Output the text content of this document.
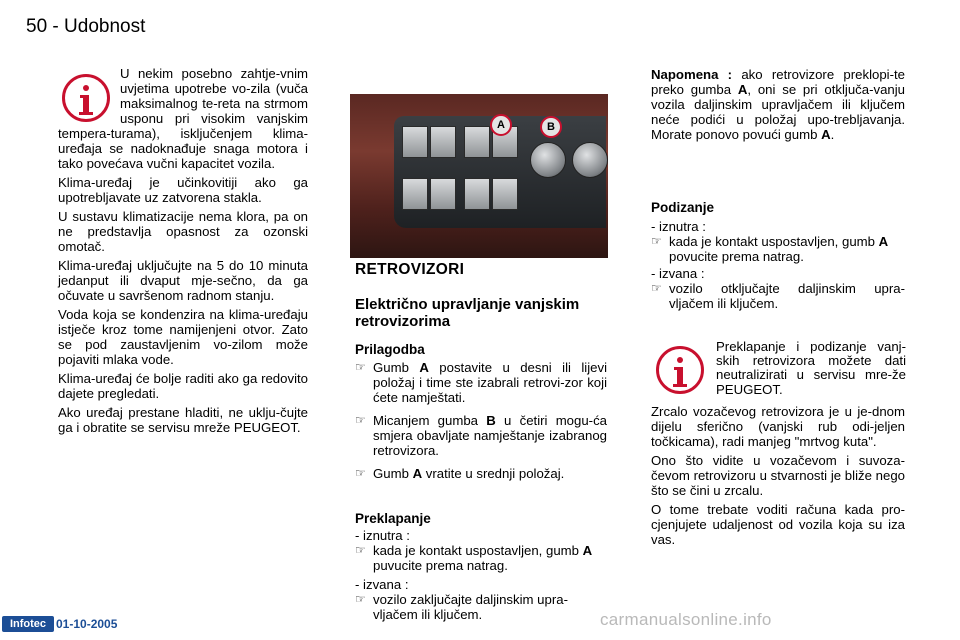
50 - Udobnost

U nekim posebno zahtje-vnim uvjetima upotrebe vo-zila (vuča maksimalnog te-reta na strmom usponu pri visokim vanjskim tempera-turama), isključenjem klima-uređaja se nadoknađuje snaga motora i tako povećava vučni kapacitet vozila.

Klima-uređaj je učinkovitiji ako ga upotrebljavate uz zatvorena stakla.

U sustavu klimatizacije nema klora, pa on ne predstavlja opasnost za ozonski omotač.

Klima-uređaj uključujte na 5 do 10 minuta jedanput ili dvaput mje-sečno, da ga očuvate u savršenom radnom stanju.

Voda koja se kondenzira na klima-uređaju istječe kroz tome namijenjeni otvor. Zato se pod zaustavljenim vo-zilom može pojaviti mlaka vode.

Klima-uređaj će bolje raditi ako ga redovito dajete pregledati.

Ako uređaj prestane hladiti, ne uklju-čujte ga i obratite se servisu mreže PEUGEOT.

A	B
RETROVIZORI
Električno upravljanje vanjskim retrovizorima
Prilagodba
☞ Gumb A postavite u desni ili lijevi položaj i time ste izabrali retrovi-zor koji ćete namještati.
☞ Micanjem gumba B u četiri mogu-ća smjera obavljate namještanje izabranog retrovizora.
☞ Gumb A vratite u srednji položaj.
Preklapanje
- iznutra :
☞ kada je kontakt uspostavljen, gumb A puvucite prema natrag.
- izvana :
☞ vozilo zaključajte daljinskim upra-vljačem ili ključem.

Napomena : ako retrovizore preklopi-te preko gumba A, oni se pri otključa-vanju vozila daljinskim upravljačem ili ključem neće podići u položaj upo-trebljavanja. Morate ponovo povući gumb A.

Podizanje
- iznutra :
☞ kada je kontakt uspostavljen, gumb A povucite prema natrag.
- izvana :
☞ vozilo otključajte daljinskim upra-vljačem ili ključem.
Preklapanje i podizanje vanj-skih retrovizora možete dati neutralizirati u servisu mre-že PEUGEOT.

Zrcalo vozačevog retrovizora je u je-dnom dijelu sferično (vanjski rub odi-jeljen točkicama), radi manjeg "mrtvog kuta".

Ono što vidite u vozačevom i suvoza-čevom retrovizoru u stvarnosti je bliže nego što se čini u zrcalu.

O tome trebate voditi računa kada pro-cjenjujete udaljenost od vozila koja su iza vas.

Infotec 01-10-2005	carmanualsonline.info
